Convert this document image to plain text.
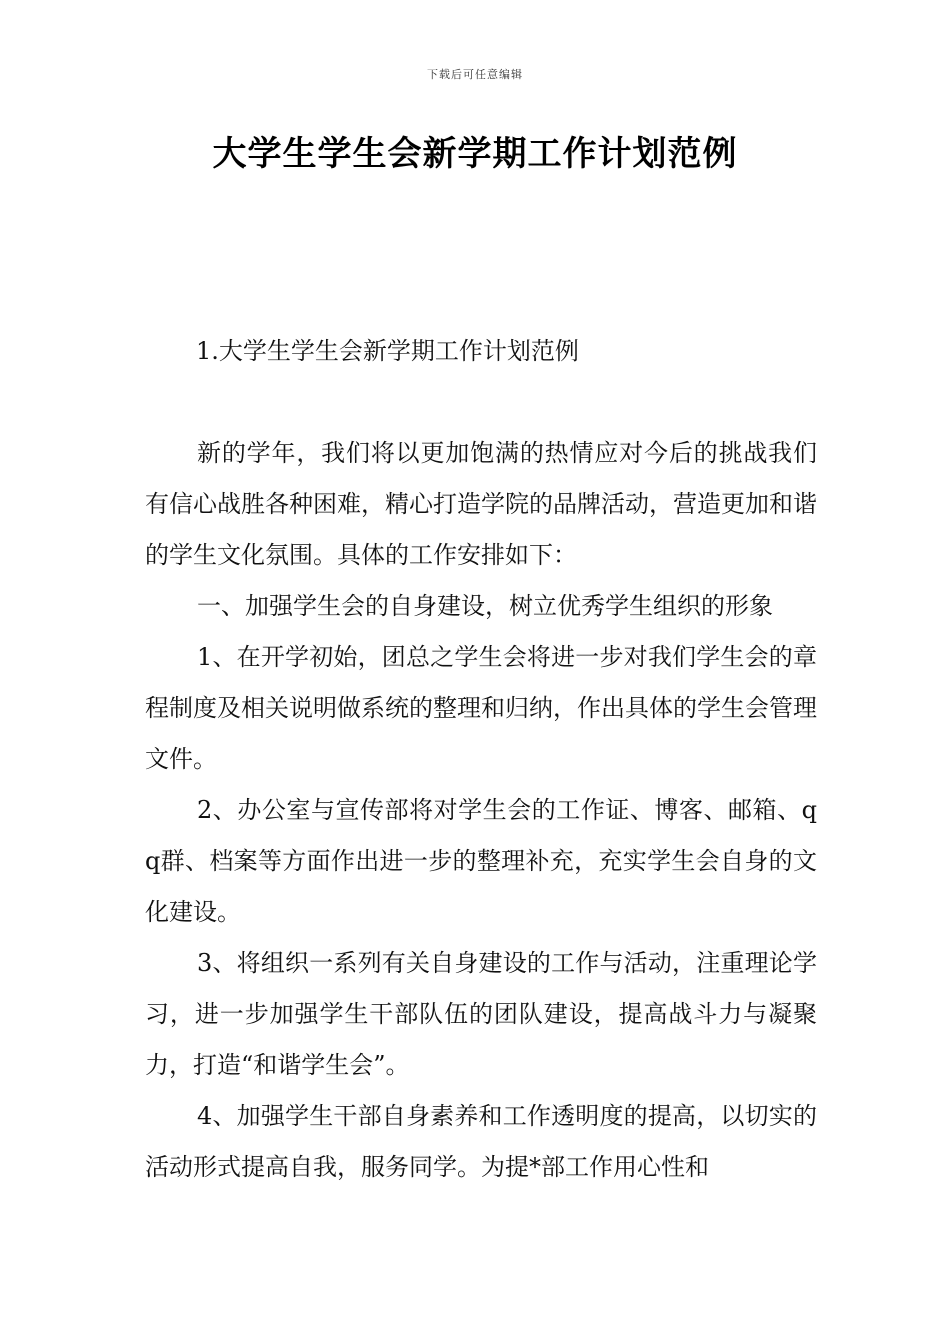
下载后可任意编辑
大学生学生会新学期工作计划范例
1.大学生学生会新学期工作计划范例

新的学年，我们将以更加饱满的热情应对今后的挑战我们有信心战胜各种困难，精心打造学院的品牌活动，营造更加和谐的学生文化氛围。具体的工作安排如下：

一、加强学生会的自身建设，树立优秀学生组织的形象

1、在开学初始，团总之学生会将进一步对我们学生会的章程制度及相关说明做系统的整理和归纳，作出具体的学生会管理文件。

2、办公室与宣传部将对学生会的工作证、博客、邮箱、qq群、档案等方面作出进一步的整理补充，充实学生会自身的文化建设。

3、将组织一系列有关自身建设的工作与活动，注重理论学习，进一步加强学生干部队伍的团队建设，提高战斗力与凝聚力，打造“和谐学生会”。

4、加强学生干部自身素养和工作透明度的提高，以切实的活动形式提高自我，服务同学。为提*部工作用心性和
